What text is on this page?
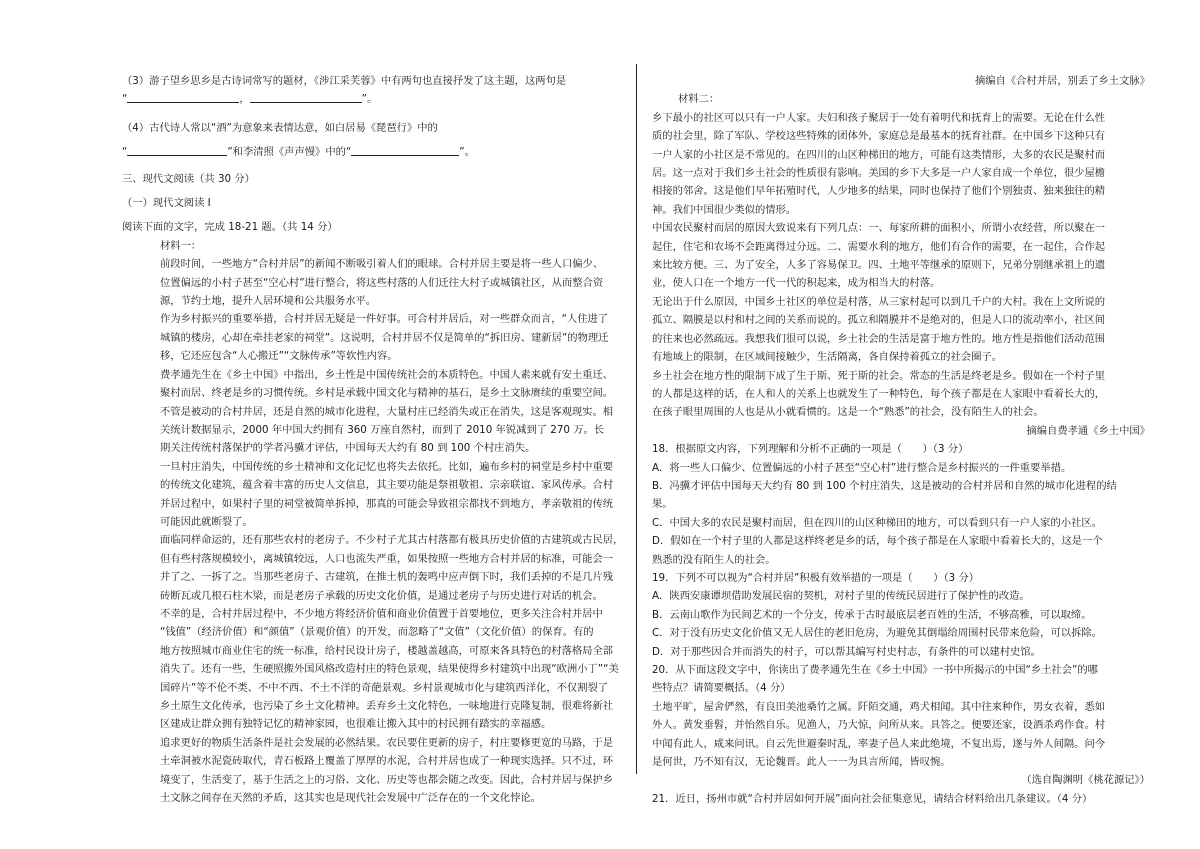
（3）游子望乡思乡是古诗词常写的题材，《涉江采芙蓉》中有两句也直接抒发了这主题，这两句是

“	，	”。

（4）古代诗人常以“酒”为意象来表情达意，如白居易《琵琶行》中的

“	”和李清照《声声慢》中的“	”。

三、现代文阅读（共 30 分）

（一）现代文阅读 I

阅读下面的文字，完成 18-21 题。（共 14 分）

材料一：

前段时间，一些地方“合村并居”的新闻不断吸引着人们的眼球。合村并居主要是将一些人口偏少、

位置偏远的小村子甚至“空心村”进行整合，将这些村落的人们迁往大村子或城镇社区，从而整合资

源，节约土地，提升人居环境和公共服务水平。

作为乡村振兴的重要举措，合村并居无疑是一件好事。可合村并居后，对一些群众而言，“人住进了

城镇的楼房，心却在牵挂老家的祠堂”。这说明，合村并居不仅是简单的“拆旧房、建新居”的物理迁

移，它还应包含“人心搬迁”“文脉传承”等软性内容。

费孝通先生在《乡土中国》中指出，乡土性是中国传统社会的本质特色。中国人素来就有安土重迁、

聚村而居、终老是乡的习惯传统。乡村是承载中国文化与精神的基石，是乡土文脉赓续的重要空间。

不管是被动的合村并居，还是自然的城市化进程，大量村庄已经消失或正在消失，这是客观现实。相

关统计数据显示，2000 年中国大约拥有 360 万座自然村，而到了 2010 年锐减到了 270 万。长

期关注传统村落保护的学者冯骥才评估，中国每天大约有 80 到 100 个村庄消失。

一旦村庄消失，中国传统的乡土精神和文化记忆也将失去依托。比如，遍布乡村的祠堂是乡村中重要

的传统文化建筑，蕴含着丰富的历史人文信息，其主要功能是祭祖敬祖、宗亲联谊、家风传承。合村

并居过程中，如果村子里的祠堂被简单拆掉，那真的可能会导致祖宗都找不到地方，孝亲敬祖的传统

可能因此就断裂了。

面临同样命运的，还有那些农村的老房子。不少村子尤其古村落都有极具历史价值的古建筑或古民居，

但有些村落规模较小，离城镇较远，人口也流失严重，如果按照一些地方合村并居的标准，可能会一

并了之、一拆了之。当那些老房子、古建筑，在推土机的轰鸣中应声倒下时，我们丢掉的不是几片残

砖断瓦或几根石柱木梁，而是老房子承载的历史文化价值，是通过老房子与历史进行对话的机会。

不幸的是，合村并居过程中，不少地方将经济价值和商业价值置于首要地位，更多关注合村并居中

“钱值”（经济价值）和“颜值”（景观价值）的开发，而忽略了“文值”（文化价值）的保育。有的

地方按照城市商业住宅的统一标准，给村民设计房子，楼越盖越高，可原来各具特色的村落格局全部

消失了。还有一些，生硬照搬外国风格改造村庄的特色景观，结果使得乡村建筑中出现“欧洲小丁”“美

国碎片”等不伦不类、不中不西、不土不洋的奇葩景观。乡村景观城市化与建筑西洋化，不仅割裂了

乡土原生文化传承，也污染了乡土文化精神。丢弃乡土文化特色，一味地进行克隆复制，很难将新社

区建成让群众拥有独特记忆的精神家园，也很难让搬入其中的村民拥有踏实的幸福感。

追求更好的物质生活条件是社会发展的必然结果。农民要住更新的房子，村庄要修更宽的马路，于是

土牵洞被水泥瓷砖取代，青石板路上覆盖了厚厚的水泥，合村并居也成了一种现实选择。只不过，环

境变了，生活变了，基于生活之上的习俗、文化、历史等也都会随之改变。因此，合村并居与保护乡

土文脉之间存在天然的矛盾，这其实也是现代社会发展中广泛存在的一个文化悖论。

摘编自《合村并居，别丢了乡土文脉》

材料二：

乡下最小的社区可以只有一户人家。夫妇和孩子聚居于一处有着明代和抚育上的需要。无论在什么性

质的社会里，除了军队、学校这些特殊的团体外，家庭总是最基本的抚育社群。在中国乡下这种只有

一户人家的小社区是不常见的。在四川的山区种梯田的地方，可能有这类情形，大多的农民是聚村而

居。这一点对于我们乡土社会的性质很有影响。美国的乡下大多是一户人家自成一个单位，很少屋檐

相接的邻舍。这是他们早年拓殖时代，人少地多的结果，同时也保持了他们个别独责、独来独往的精

神。我们中国很少类似的情形。

中国农民聚村而居的原因大致说来有下列几点：一、每家所耕的面积小，所谓小农经营，所以聚在一

起住，住宅和农场不会距离得过分远。二、需要水利的地方，他们有合作的需要，在一起住，合作起

来比较方便。三、为了安全，人多了容易保卫。四、土地平等继承的原则下，兄弟分别继承祖上的遗

业，使人口在一个地方一代一代的积起来，成为相当大的村落。

无论出于什么原因，中国乡土社区的单位是村落，从三家村起可以到几千户的大村。我在上文所说的

孤立、隔膜是以村和村之间的关系而说的。孤立和隔膜并不是绝对的，但是人口的流动率小，社区间

的往来也必然疏远。我想我们很可以说，乡土社会的生活是富于地方性的。地方性是指他们活动范围

有地域上的限制，在区域间接触少，生活隔离，各自保持着孤立的社会圈子。

乡土社会在地方性的限制下成了生于斯、死于斯的社会。常态的生活是终老是乡。假如在一个村子里

的人都是这样的话，在人和人的关系上也就发生了一种特色，每个孩子都是在人家眼中看着长大的，

在孩子眼里周围的人也是从小就看惯的。这是一个“熟悉”的社会，没有陌生人的社会。

摘编自费孝通《乡土中国》

18．根据原文内容，下列理解和分析不正确的一项是（　　）（3 分）

A．将一些人口偏少、位置偏远的小村子甚至“空心村”进行整合是乡村振兴的一件重要举措。

B．冯骥才评估中国每天大约有 80 到 100 个村庄消失，这是被动的合村并居和自然的城市化进程的结

果。

C．中国大多的农民是聚村而居，但在四川的山区种梯田的地方，可以看到只有一户人家的小社区。

D．假如在一个村子里的人都是这样终老是乡的话，每个孩子都是在人家眼中看着长大的，这是一个

熟悉的没有陌生人的社会。

19．下列不可以视为“合村并居”积极有效举措的一项是（　　）（3 分）

A．陕西安康谭坝借助发展民宿的契机，对村子里的传统民居进行了保护性的改造。

B．云南山歌作为民间艺术的一个分支，传承于古时最底层老百姓的生活，不够高雅，可以取缔。

C．对于没有历史文化价值又无人居住的老旧危房，为避免其倒塌给周围村民带来危险，可以拆除。

D．对于那些因合并而消失的村子，可以帮其编写村史村志，有条件的可以建村史馆。

20．从下面这段文字中，你读出了费孝通先生在《乡土中国》一书中所揭示的中国“乡土社会”的哪

些特点？请简要概括。（4 分）

土地平旷，屋舍俨然，有良田美池桑竹之属。阡陌交通，鸡犬相闻。其中往来种作，男女衣着，悉如

外人。黄发垂髫，并怡然自乐。见渔人，乃大惊，问所从来。具答之。便要还家，设酒杀鸡作食。村

中闻有此人，咸来问讯。自云先世避秦时乱，率妻子邑人来此绝境，不复出焉，遂与外人间隔。问今

是何世，乃不知有汉，无论魏晋。此人一一为具言所闻，皆叹惋。

（选自陶渊明《桃花源记》）

21．近日，扬州市就“合村并居如何开展”面向社会征集意见，请结合材料给出几条建议。（4 分）
